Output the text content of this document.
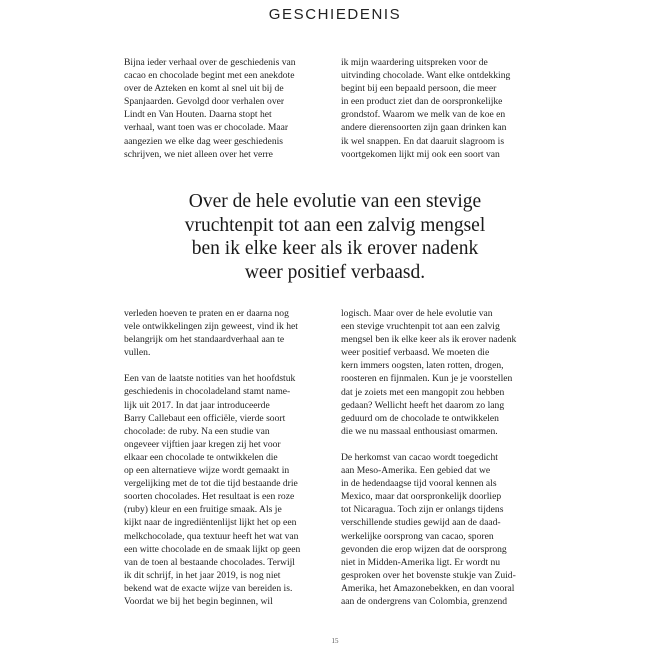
GESCHIEDENIS
Bijna ieder verhaal over de geschiedenis van
cacao en chocolade begint met een anekdote
over de Azteken en komt al snel uit bij de
Spanjaarden. Gevolgd door verhalen over
Lindt en Van Houten. Daarna stopt het
verhaal, want toen was er chocolade. Maar
aangezien we elke dag weer geschiedenis
schrijven, we niet alleen over het verre
ik mijn waardering uitspreken voor de
uitvinding chocolade. Want elke ontdekking
begint bij een bepaald persoon, die meer
in een product ziet dan de oorspronkelijke
grondstof. Waarom we melk van de koe en
andere dierensoorten zijn gaan drinken kan
ik wel snappen. En dat daaruit slagroom is
voortgekomen lijkt mij ook een soort van
Over de hele evolutie van een stevige
vruchtenpit tot aan een zalvig mengsel
ben ik elke keer als ik erover nadenk
weer positief verbaasd.
verleden hoeven te praten en er daarna nog
vele ontwikkelingen zijn geweest, vind ik het
belangrijk om het standaardverhaal aan te
vullen.
Een van de laatste notities van het hoofdstuk
geschiedenis in chocoladeland stamt name-
lijk uit 2017. In dat jaar introduceerde
Barry Callebaut een officiële, vierde soort
chocolade: de ruby. Na een studie van
ongeveer vijftien jaar kregen zij het voor
elkaar een chocolade te ontwikkelen die
op een alternatieve wijze wordt gemaakt in
vergelijking met de tot die tijd bestaande drie
soorten chocolades. Het resultaat is een roze
(ruby) kleur en een fruitige smaak. Als je
kijkt naar de ingrediëntenlijst lijkt het op een
melkchocolade, qua textuur heeft het wat van
een witte chocolade en de smaak lijkt op geen
van de toen al bestaande chocolades. Terwijl
ik dit schrijf, in het jaar 2019, is nog niet
bekend wat de exacte wijze van bereiden is.
Voordat we bij het begin beginnen, wil
logisch. Maar over de hele evolutie van
een stevige vruchtenpit tot aan een zalvig
mengsel ben ik elke keer als ik erover nadenk
weer positief verbaasd. We moeten die
kern immers oogsten, laten rotten, drogen,
roosteren en fijnmalen. Kun je je voorstellen
dat je zoiets met een mangopit zou hebben
gedaan? Wellicht heeft het daarom zo lang
geduurd om de chocolade te ontwikkelen
die we nu massaal enthousiast omarmen.
De herkomst van cacao wordt toegedicht
aan Meso-Amerika. Een gebied dat we
in de hedendaagse tijd vooral kennen als
Mexico, maar dat oorspronkelijk doorliep
tot Nicaragua. Toch zijn er onlangs tijdens
verschillende studies gewijd aan de daad-
werkelijke oorsprong van cacao, sporen
gevonden die erop wijzen dat de oorsprong
niet in Midden-Amerika ligt. Er wordt nu
gesproken over het bovenste stukje van Zuid-
Amerika, het Amazonebekken, en dan vooral
aan de ondergrens van Colombia, grenzend
15
